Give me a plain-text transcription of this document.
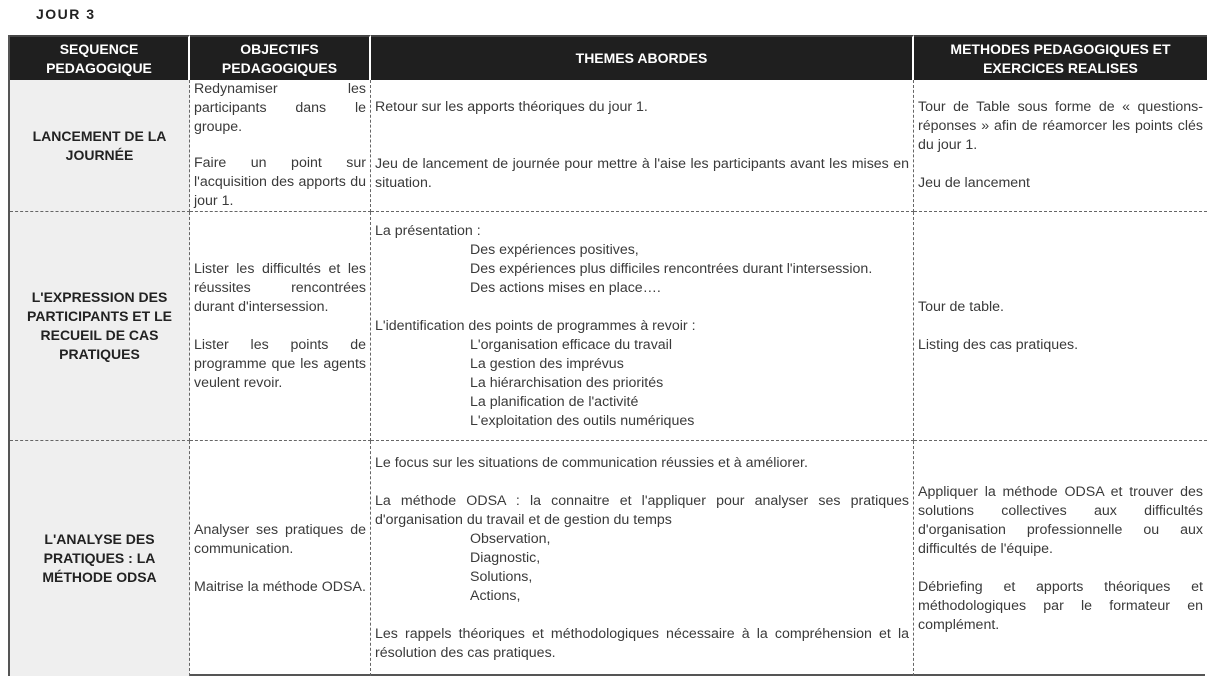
JOUR 3
SEQUENCE PEDAGOGIQUE
OBJECTIFS PEDAGOGIQUES
THEMES ABORDES
METHODES PEDAGOGIQUES ET EXERCICES REALISES
LANCEMENT DE LA JOURNÉE

Redynamiser les participants dans le groupe.

Faire un point sur l'acquisition des apports du jour 1.

Retour sur les apports théoriques du jour 1.

Jeu de lancement de journée pour mettre à l'aise les participants avant les mises en situation.

Tour de Table sous forme de « questions-réponses » afin de réamorcer les points clés du jour 1.

Jeu de lancement

L'EXPRESSION DES PARTICIPANTS ET LE RECUEIL DE CAS PRATIQUES

Lister les difficultés et les réussites rencontrées durant d'intersession.

Lister les points de programme que les agents veulent revoir.

La présentation :

Des expériences positives,

Des expériences plus difficiles rencontrées durant l'intersession.

Des actions mises en place….

L'identification des points de programmes à revoir :

L'organisation efficace du travail

La gestion des imprévus

La hiérarchisation des priorités

La planification de l'activité

L'exploitation des outils numériques

Tour de table.

Listing des cas pratiques.

L'ANALYSE DES PRATIQUES : LA MÉTHODE ODSA

Analyser ses pratiques de communication.

Maitrise la méthode ODSA.

Le focus sur les situations de communication réussies et à améliorer.

La méthode ODSA : la connaitre et l'appliquer pour analyser ses pratiques d'organisation du travail et de gestion du temps

Observation,

Diagnostic,

Solutions,

Actions,

Les rappels théoriques et méthodologiques nécessaire à la compréhension et la résolution des cas pratiques.

Appliquer la méthode ODSA et trouver des solutions collectives aux difficultés d'organisation professionnelle ou aux difficultés de l'équipe.

Débriefing et apports théoriques et méthodologiques par le formateur en complément.
